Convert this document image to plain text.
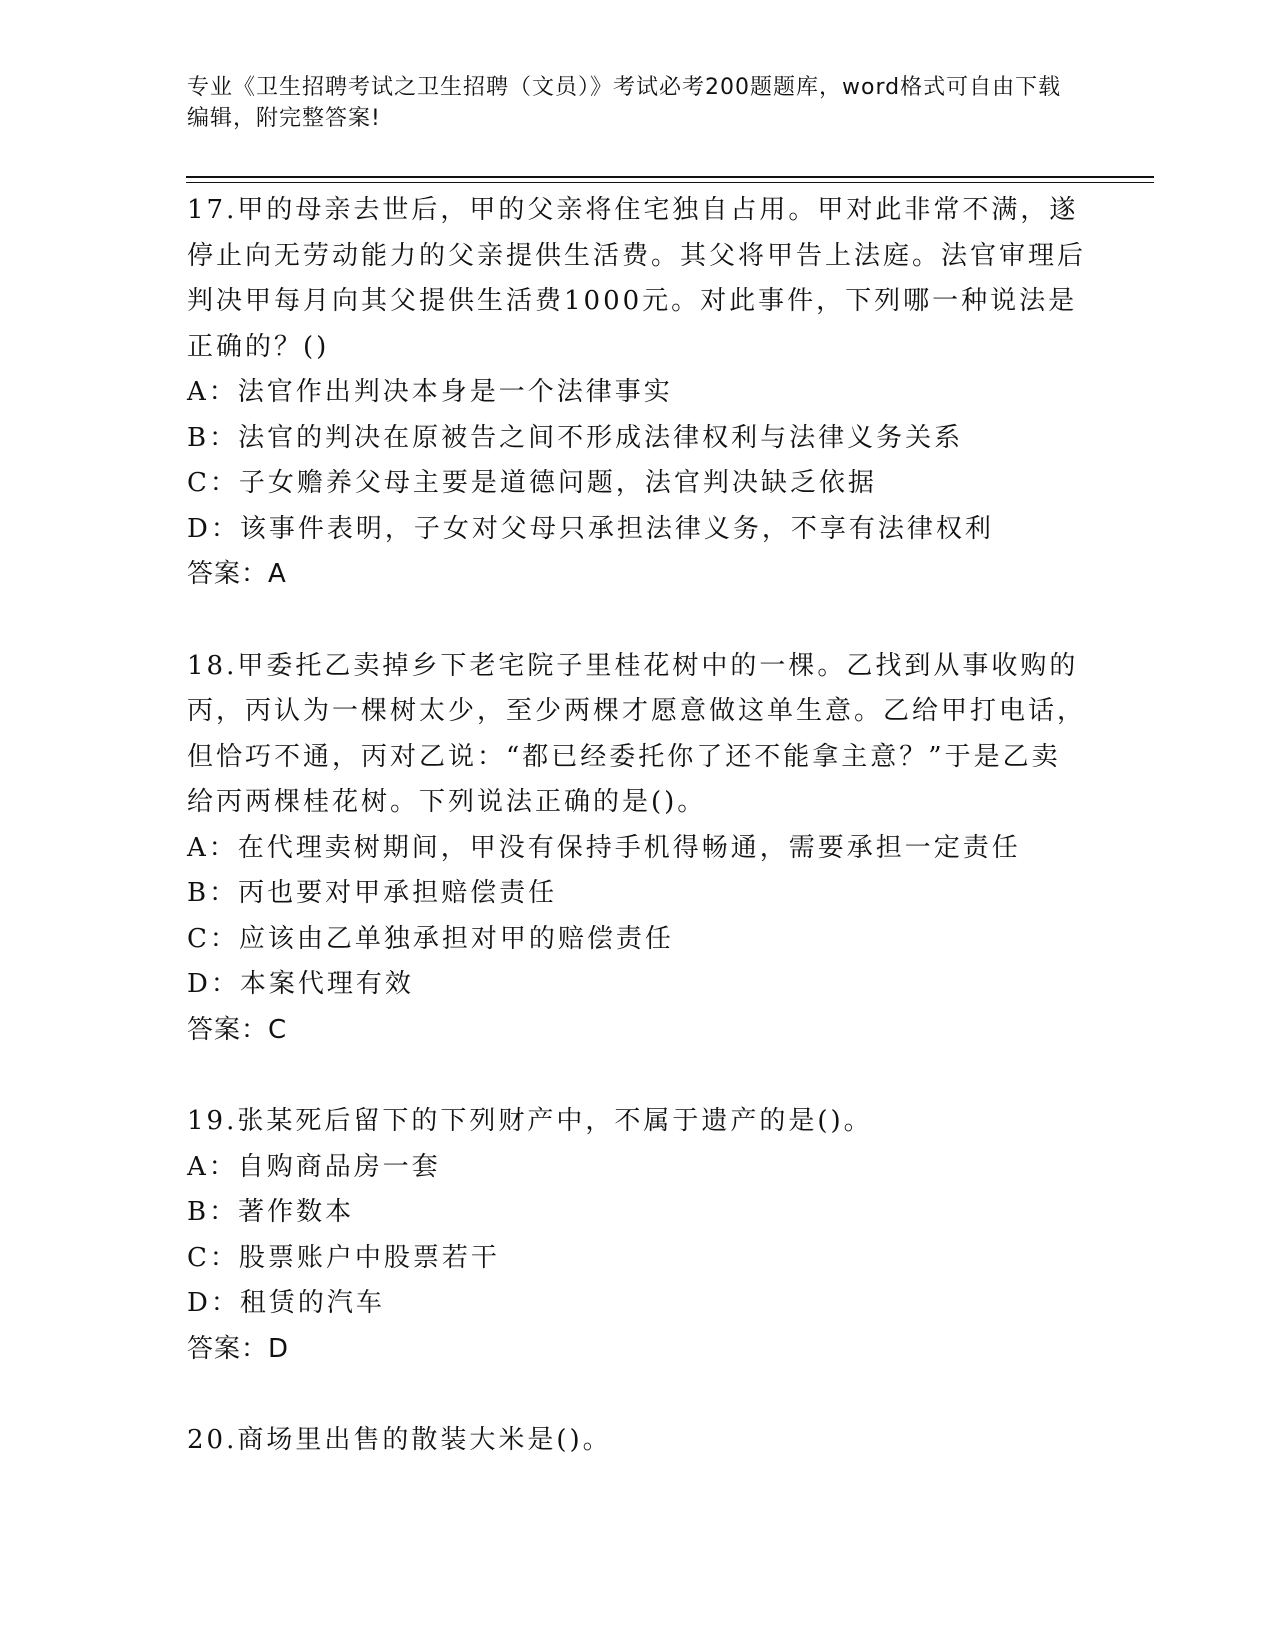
专业《卫生招聘考试之卫生招聘（文员）》考试必考200题题库，word格式可自由下载编辑，附完整答案!
17.甲的母亲去世后，甲的父亲将住宅独自占用。甲对此非常不满，遂停止向无劳动能力的父亲提供生活费。其父将甲告上法庭。法官审理后判决甲每月向其父提供生活费1000元。对此事件，下列哪一种说法是正确的？()
A：法官作出判决本身是一个法律事实
B：法官的判决在原被告之间不形成法律权利与法律义务关系
C：子女赡养父母主要是道德问题，法官判决缺乏依据
D：该事件表明，子女对父母只承担法律义务，不享有法律权利
答案：A
18.甲委托乙卖掉乡下老宅院子里桂花树中的一棵。乙找到从事收购的丙，丙认为一棵树太少，至少两棵才愿意做这单生意。乙给甲打电话，但恰巧不通，丙对乙说：“都已经委托你了还不能拿主意？”于是乙卖给丙两棵桂花树。下列说法正确的是()。
A：在代理卖树期间，甲没有保持手机得畅通，需要承担一定责任
B：丙也要对甲承担赔偿责任
C：应该由乙单独承担对甲的赔偿责任
D：本案代理有效
答案：C
19.张某死后留下的下列财产中，不属于遗产的是()。
A：自购商品房一套
B：著作数本
C：股票账户中股票若干
D：租赁的汽车
答案：D
20.商场里出售的散装大米是()。
